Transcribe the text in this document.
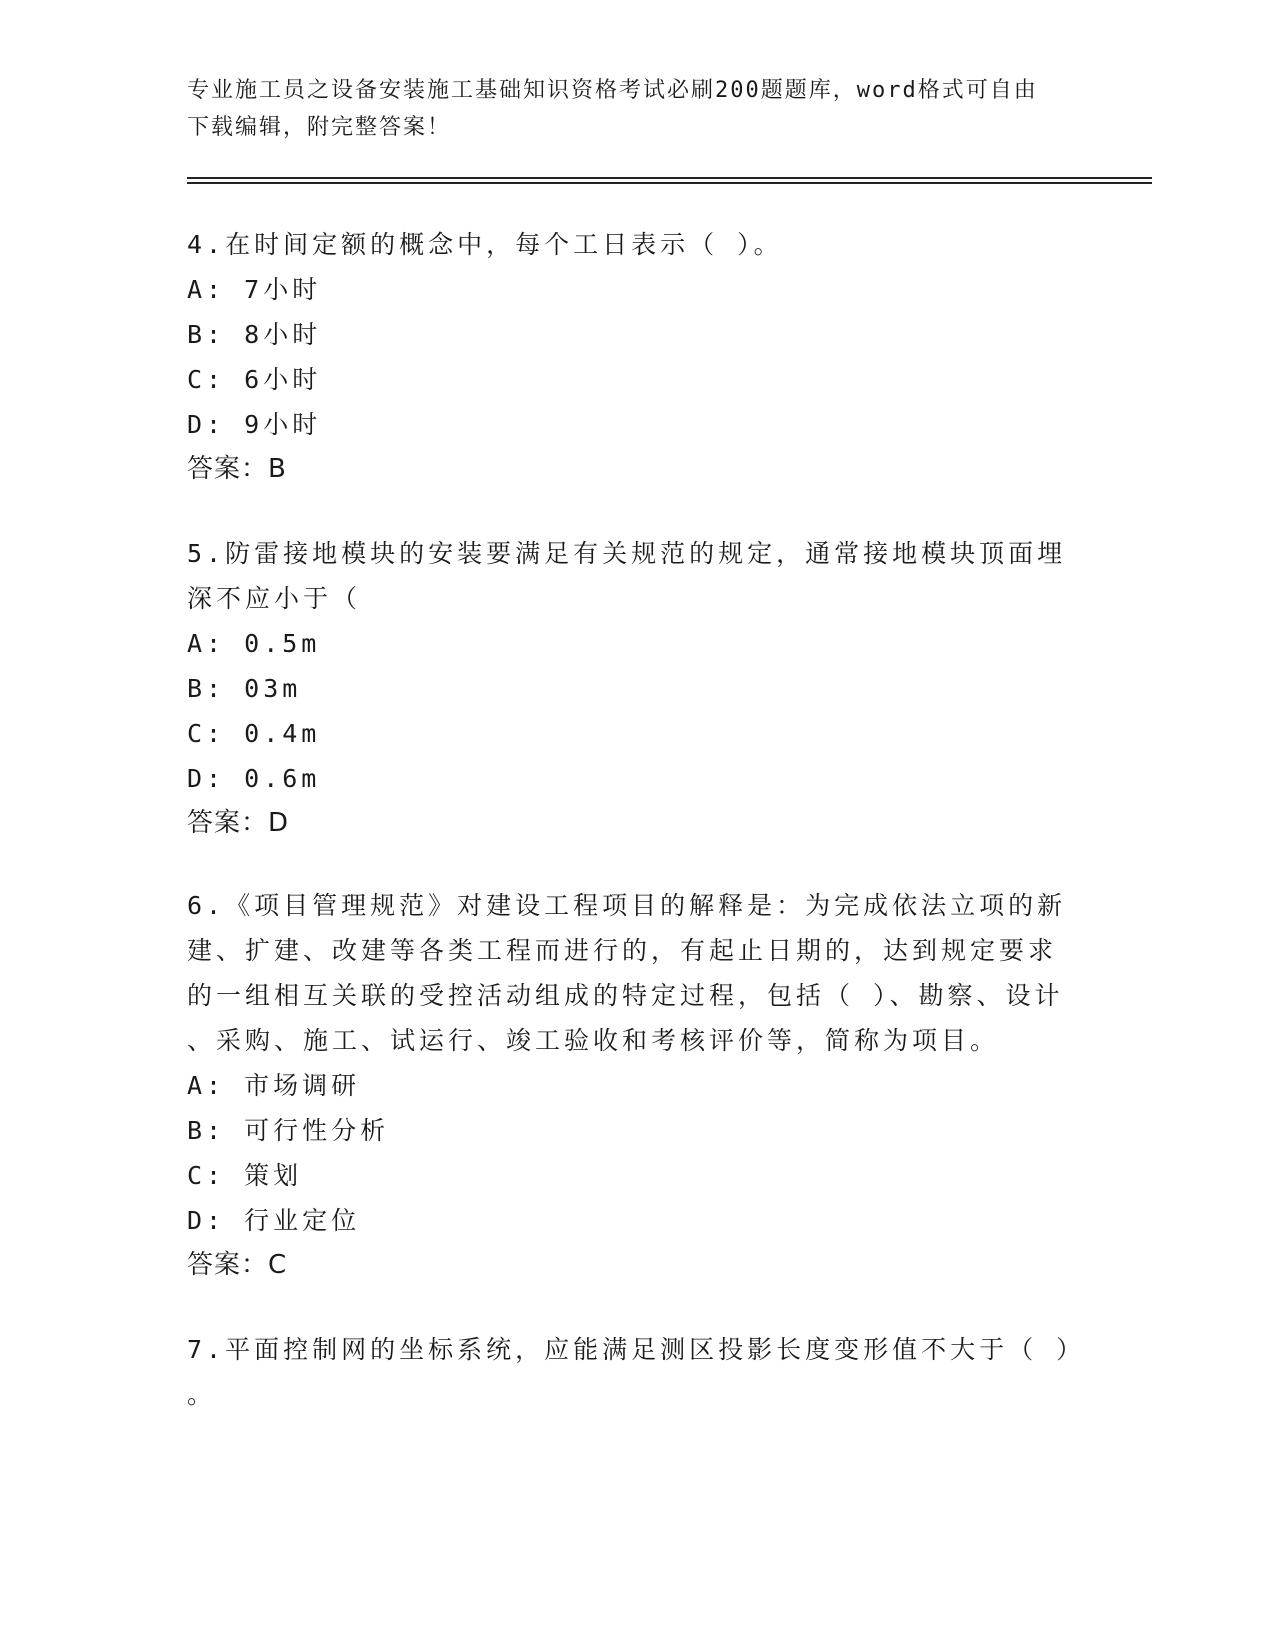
专业施工员之设备安装施工基础知识资格考试必刷200题题库，word格式可自由
下载编辑，附完整答案！
4.在时间定额的概念中，每个工日表示（ ）。
A: 7小时
B: 8小时
C: 6小时
D: 9小时
答案：B
5.防雷接地模块的安装要满足有关规范的规定，通常接地模块顶面埋
深不应小于（
A: 0.5m
B: 03m
C: 0.4m
D: 0.6m
答案：D
6.《项目管理规范》对建设工程项目的解释是：为完成依法立项的新
建、扩建、改建等各类工程而进行的，有起止日期的，达到规定要求
的一组相互关联的受控活动组成的特定过程，包括（ ）、勘察、设计
、采购、施工、试运行、竣工验收和考核评价等，简称为项目。
A: 市场调研
B: 可行性分析
C: 策划
D: 行业定位
答案：C
7.平面控制网的坐标系统，应能满足测区投影长度变形值不大于（ ）
。
